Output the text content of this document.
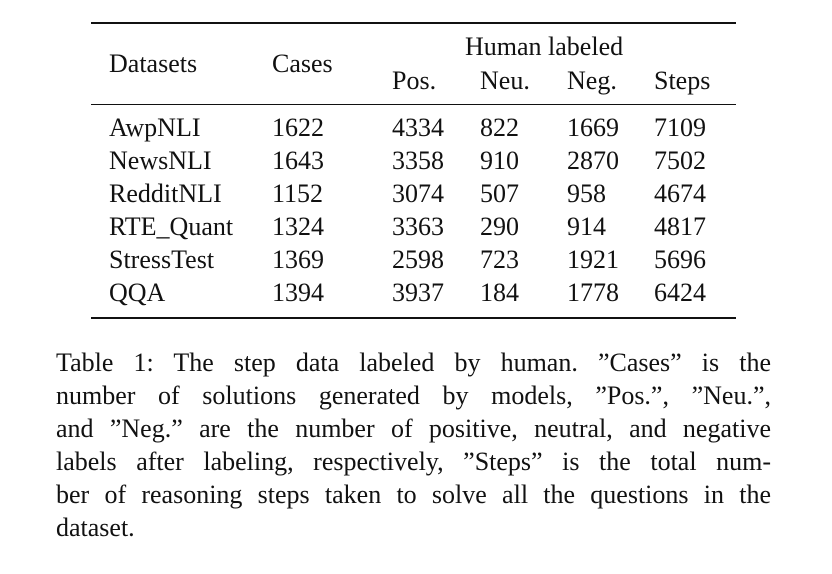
Datasets	Cases
Human labeled
Pos. Neu. Neg. Steps
AwpNLI	1622	4334 822 1669 7109
NewsNLI 1643	3358 910 2870 7502
RedditNLI 1152	3074 507 958 4674
RTE_Quant 1324	3363 290 914 4817
StressTest 1369	2598 723 1921 5696
QQA	1394	3937 184 1778 6424
Table 1: The step data labeled by human. ”Cases” is the
number of solutions generated by models, ”Pos.”, ”Neu.”,
and ”Neg.” are the number of positive, neutral, and negative
labels after labeling, respectively, ”Steps” is the total num-
ber of reasoning steps taken to solve all the questions in the
dataset.
